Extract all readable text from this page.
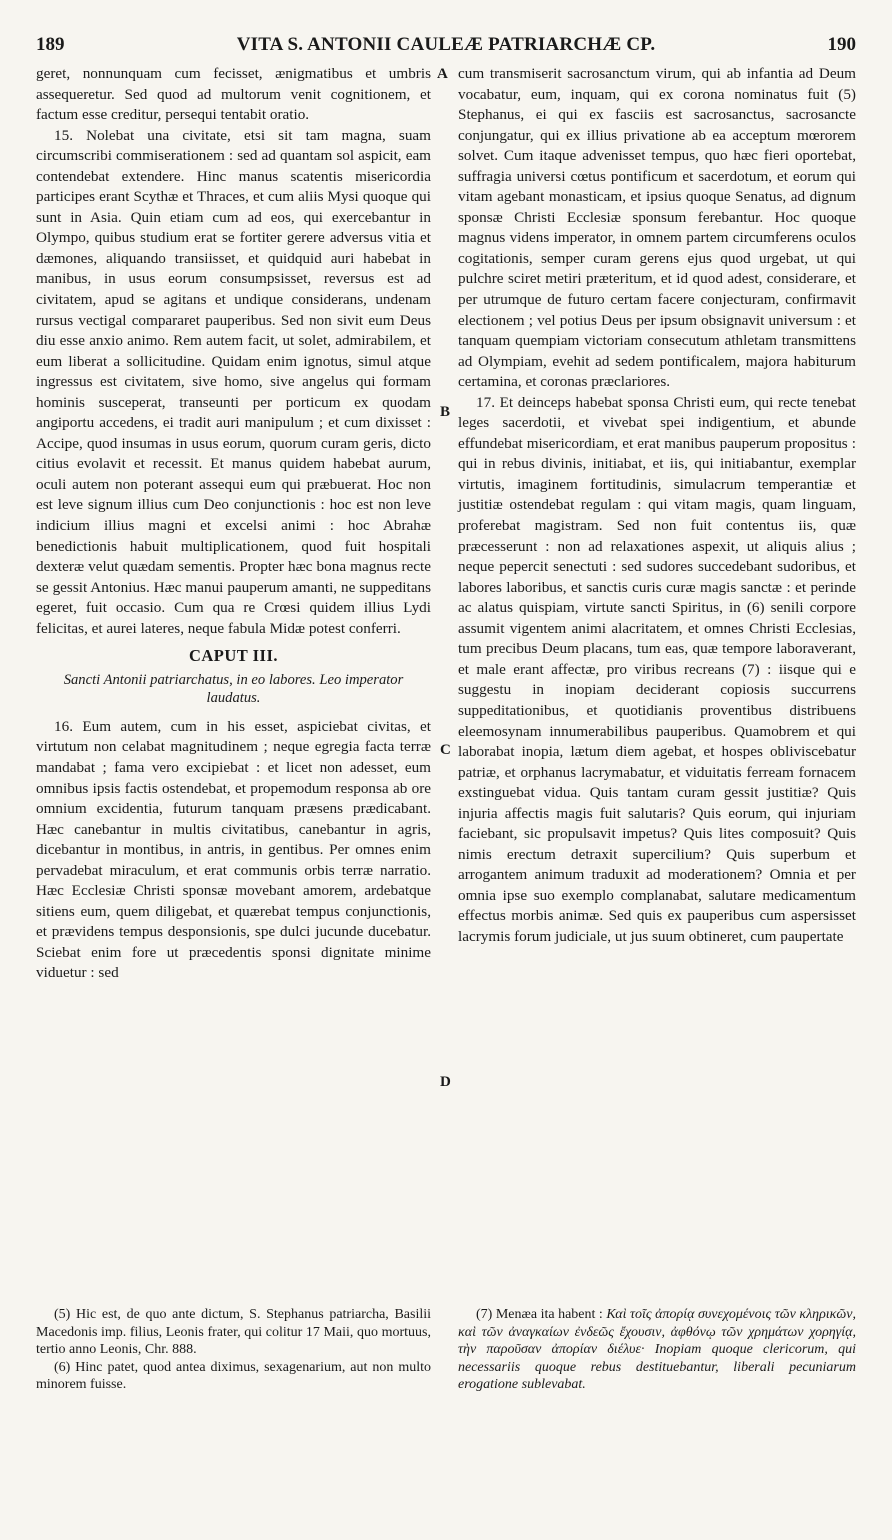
189	VITA S. ANTONII CAULEÆ PATRIARCHÆ CP.	190
A
B
C
D

geret, nonnunquam cum fecisset, ænigmatibus et umbris assequeretur. Sed quod ad multorum venit cognitionem, et factum esse creditur, persequi tentabit oratio.

15. Nolebat una civitate, etsi sit tam magna, suam circumscribi commiserationem : sed ad quantam sol aspicit, eam contendebat extendere. Hinc manus scatentis misericordia participes erant Scythæ et Thraces, et cum aliis Mysi quoque qui sunt in Asia. Quin etiam cum ad eos, qui exercebantur in Olympo, quibus studium erat se fortiter gerere adversus vitia et dæmones, aliquando transiisset, et quidquid auri habebat in manibus, in usus eorum consumpsisset, reversus est ad civitatem, apud se agitans et undique considerans, undenam rursus vectigal compararet pauperibus. Sed non sivit eum Deus diu esse anxio animo. Rem autem facit, ut solet, admirabilem, et eum liberat a sollicitudine. Quidam enim ignotus, simul atque ingressus est civitatem, sive homo, sive angelus qui formam hominis susceperat, transeunti per porticum ex quodam angiportu accedens, ei tradit auri manipulum ; et cum dixisset : Accipe, quod insumas in usus eorum, quorum curam geris, dicto citius evolavit et recessit. Et manus quidem habebat aurum, oculi autem non poterant assequi eum qui præbuerat. Hoc non est leve signum illius cum Deo conjunctionis : hoc est non leve indicium illius magni et excelsi animi : hoc Abrahæ benedictionis habuit multiplicationem, quod fuit hospitali dexteræ velut quædam sementis. Propter hæc bona magnus recte se gessit Antonius. Hæc manui pauperum amanti, ne suppeditans egeret, fuit occasio. Cum qua re Crœsi quidem illius Lydi felicitas, et aurei lateres, neque fabula Midæ potest conferri.

CAPUT III.
Sancti Antonii patriarchatus, in eo labores. Leo imperator laudatus.

16. Eum autem, cum in his esset, aspiciebat civitas, et virtutum non celabat magnitudinem ; neque egregia facta terræ mandabat ; fama vero excipiebat : et licet non adesset, eum omnibus ipsis factis ostendebat, et propemodum responsa ab ore omnium excidentia, futurum tanquam præsens prædicabant. Hæc canebantur in multis civitatibus, canebantur in agris, dicebantur in montibus, in antris, in gentibus. Per omnes enim pervadebat miraculum, et erat communis orbis terræ narratio. Hæc Ecclesiæ Christi sponsæ movebant amorem, ardebatque sitiens eum, quem diligebat, et quærebat tempus conjunctionis, et prævidens tempus desponsionis, spe dulci jucunde ducebatur. Sciebat enim fore ut præcedentis sponsi dignitate minime viduetur : sed

cum transmiserit sacrosanctum virum, qui ab infantia ad Deum vocabatur, eum, inquam, qui ex corona nominatus fuit (5) Stephanus, ei qui ex fasciis est sacrosanctus, sacrosancte conjungatur, qui ex illius privatione ab ea acceptum mœrorem solvet. Cum itaque advenisset tempus, quo hæc fieri oportebat, suffragia universi cœtus pontificum et sacerdotum, et eorum qui vitam agebant monasticam, et ipsius quoque Senatus, ad dignum sponsæ Christi Ecclesiæ sponsum ferebantur. Hoc quoque magnus videns imperator, in omnem partem circumferens oculos cogitationis, semper curam gerens ejus quod urgebat, ut qui pulchre sciret metiri præteritum, et id quod adest, considerare, et per utrumque de futuro certam facere conjecturam, confirmavit electionem ; vel potius Deus per ipsum obsignavit universum : et tanquam quempiam victoriam consecutum athletam transmittens ad Olympiam, evehit ad sedem pontificalem, majora habiturum certamina, et coronas præclariores.

17. Et deinceps habebat sponsa Christi eum, qui recte tenebat leges sacerdotii, et vivebat spei indigentium, et abunde effundebat misericordiam, et erat manibus pauperum propositus : qui in rebus divinis, initiabat, et iis, qui initiabantur, exemplar virtutis, imaginem fortitudinis, simulacrum temperantiæ et justitiæ ostendebat regulam : qui vitam magis, quam linguam, proferebat magistram. Sed non fuit contentus iis, quæ præcesserunt : non ad relaxationes aspexit, ut aliquis alius ; neque pepercit senectuti : sed sudores succedebant sudoribus, et labores laboribus, et sanctis curis curæ magis sanctæ : et perinde ac alatus quispiam, virtute sancti Spiritus, in (6) senili corpore assumit vigentem animi alacritatem, et omnes Christi Ecclesias, tum precibus Deum placans, tum eas, quæ tempore laboraverant, et male erant affectæ, pro viribus recreans (7) : iisque qui e suggestu in inopiam deciderant copiosis succurrens suppeditationibus, et quotidianis proventibus distribuens eleemosynam innumerabilibus pauperibus. Quamobrem et qui laborabat inopia, lætum diem agebat, et hospes obliviscebatur patriæ, et orphanus lacrymabatur, et viduitatis ferream fornacem exstinguebat vidua. Quis tantam curam gessit justitiæ? Quis injuria affectis magis fuit salutaris? Quis eorum, qui injuriam faciebant, sic propulsavit impetus? Quis lites composuit? Quis nimis erectum detraxit supercilium? Quis superbum et arrogantem animum traduxit ad moderationem? Omnia et per omnia ipse suo exemplo complanabat, salutare medicamentum effectus morbis animæ. Sed quis ex pauperibus cum aspersisset lacrymis forum judiciale, ut jus suum obtineret, cum paupertate

(5) Hic est, de quo ante dictum, S. Stephanus patriarcha, Basilii Macedonis imp. filius, Leonis frater, qui colitur 17 Maii, quo mortuus, tertio anno Leonis, Chr. 888.

(6) Hinc patet, quod antea diximus, sexagenarium, aut non multo minorem fuisse.

(7) Menæa ita habent : Καὶ τοῖς ἀπορίᾳ συνεχομένοις τῶν κληρικῶν, καὶ τῶν ἀναγκαίων ἐνδεῶς ἔχουσιν, ἀφθόνῳ τῶν χρημάτων χορηγίᾳ, τὴν παροῦσαν ἀπορίαν διέλυε· Inopiam quoque clericorum, qui necessariis quoque rebus destituebantur, liberali pecuniarum erogatione sublevabat.
